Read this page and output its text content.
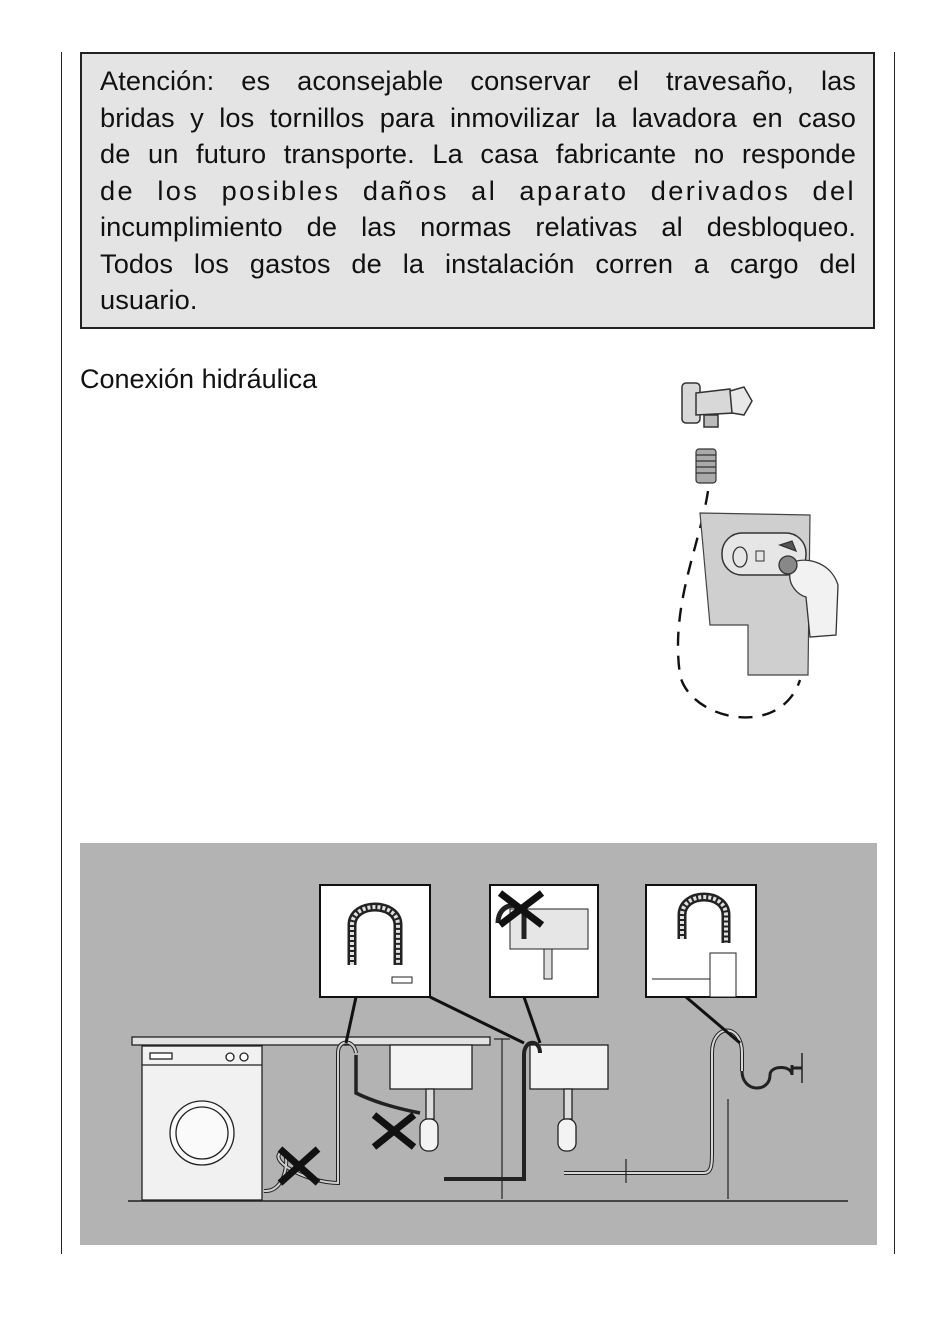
Atención: es aconsejable conservar el travesaño, las

bridas y los tornillos para inmovilizar la lavadora en caso

de un futuro transporte. La casa fabricante no responde

de los posibles daños al aparato derivados del

incumplimiento de las normas relativas al desbloqueo.

Todos los gastos de la instalación corren a cargo del

usuario.

Conexión hidráulica
